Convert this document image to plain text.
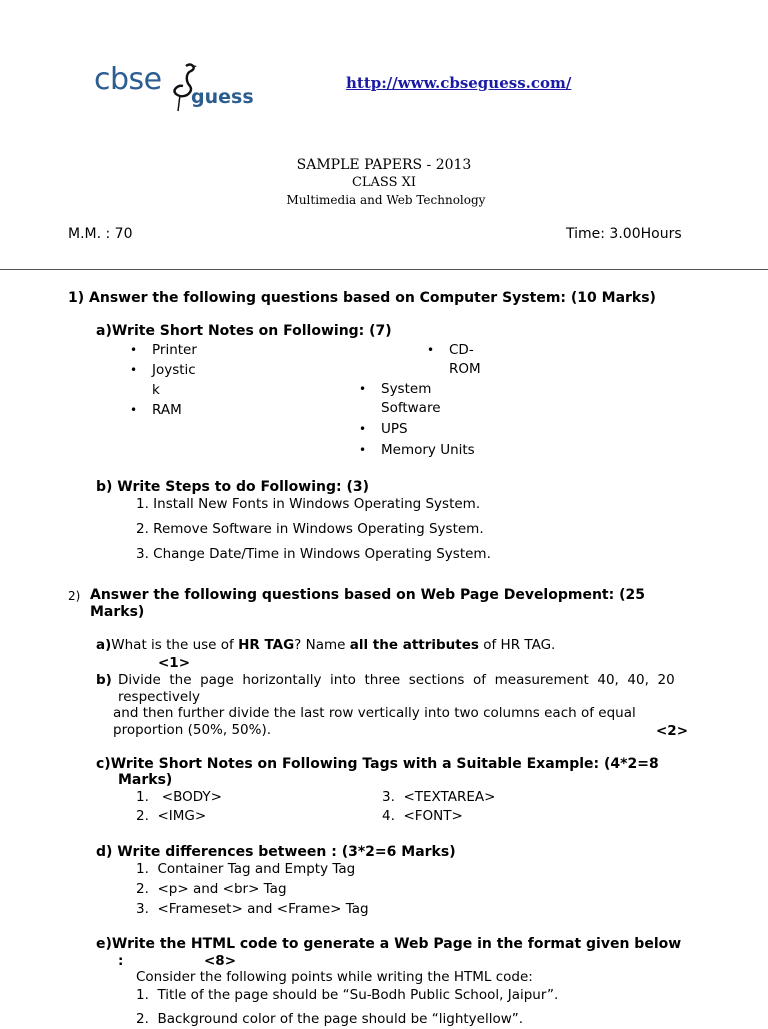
cbse guess
http://www.cbseguess.com/
SAMPLE PAPERS - 2013
CLASS XI
Multimedia and Web Technology
M.M. : 70	Time: 3.00Hours
1) Answer the following questions based on Computer System: (10 Marks)
a)Write Short Notes on Following: (7)
• Printer
• Joystic
k
• RAM
• CD-
ROM
• System
Software
• UPS
• Memory Units
b) Write Steps to do Following: (3)
1. Install New Fonts in Windows Operating System.
2. Remove Software in Windows Operating System.
3. Change Date/Time in Windows Operating System.
2) Answer the following questions based on Web Page Development: (25
Marks)
a)What is the use of HR TAG? Name all the attributes of HR TAG.
<1>
b) Divide  the  page  horizontally  into  three  sections  of  measurement  40,  40,  20
respectively
and then further divide the last row vertically into two columns each of equal
proportion (50%, 50%).	<2>
c)Write Short Notes on Following Tags with a Suitable Example: (4*2=8
Marks)
1.   <BODY>
2.  <IMG>
3.  <TEXTAREA>
4.  <FONT>
d) Write differences between : (3*2=6 Marks)
1.  Container Tag and Empty Tag
2.  <p> and <br> Tag
3.  <Frameset> and <Frame> Tag
e)Write the HTML code to generate a Web Page in the format given below
:	<8>
Consider the following points while writing the HTML code:
1.  Title of the page should be “Su-Bodh Public School, Jaipur”.
2.  Background color of the page should be “lightyellow”.
